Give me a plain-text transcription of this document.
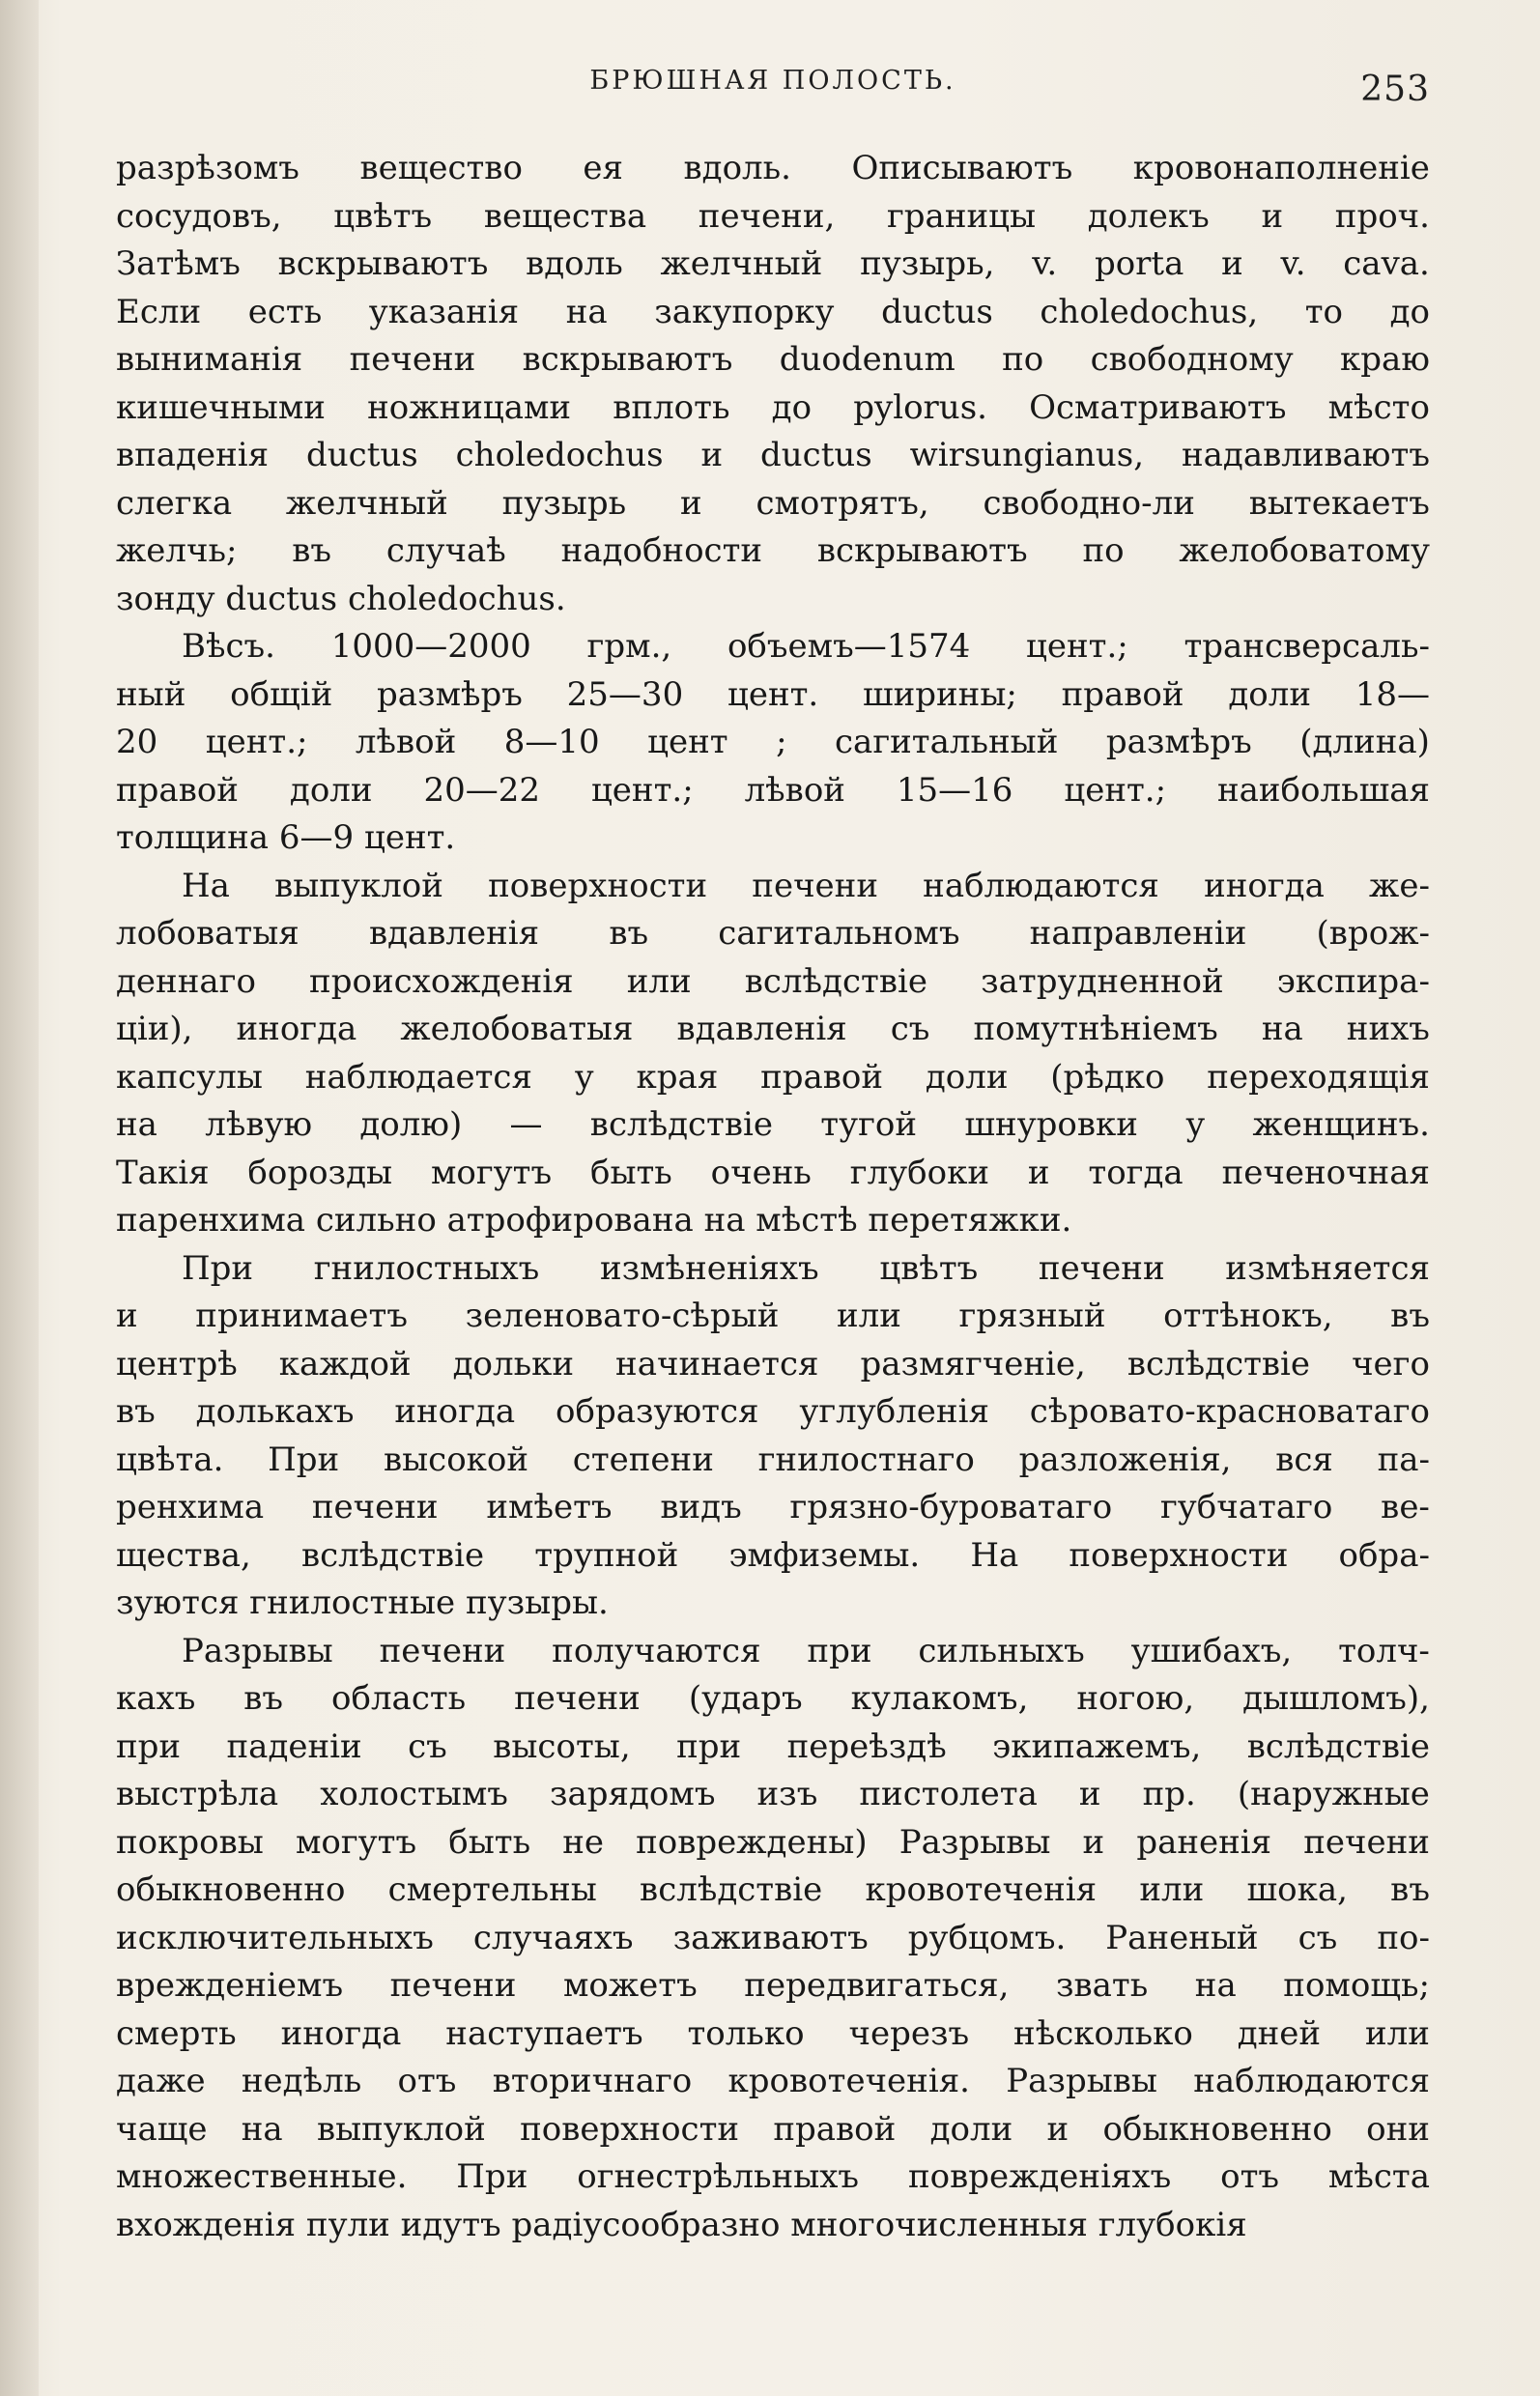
БРЮШНАЯ ПОЛОСТЬ.	253
разрѣзомъ вещество ея вдоль. Описываютъ кровонаполненіе
сосудовъ, цвѣтъ вещества печени, границы долекъ и проч.
Затѣмъ вскрываютъ вдоль желчный пузырь, v. porta и v. cava.
Если есть указанія на закупорку ductus choledochus, то до
выниманія печени вскрываютъ duodenum по свободному краю
кишечными ножницами вплоть до pylorus. Осматриваютъ мѣсто
впаденія ductus choledochus и ductus wirsungianus, надавливаютъ
слегка желчный пузырь и смотрятъ, свободно-ли вытекаетъ
желчь; въ случаѣ надобности вскрываютъ по желобоватому
зонду ductus choledochus.
Вѣсъ. 1000—2000 грм., объемъ—1574 цент.; трансверсаль-
ный общій размѣръ 25—30 цент. ширины; правой доли 18—
20 цент.; лѣвой 8—10 цент ; сагитальный размѣръ (длина)
правой доли 20—22 цент.; лѣвой 15—16 цент.; наибольшая
толщина 6—9 цент.
На выпуклой поверхности печени наблюдаются иногда же-
лобоватыя вдавленія въ сагитальномъ направленіи (врож-
деннаго происхожденія или вслѣдствіе затрудненной экспира-
ціи), иногда желобоватыя вдавленія съ помутнѣніемъ на нихъ
капсулы наблюдается у края правой доли (рѣдко переходящія
на лѣвую долю) — вслѣдствіе тугой шнуровки у женщинъ.
Такія борозды могутъ быть очень глубоки и тогда печеночная
паренхима сильно атрофирована на мѣстѣ перетяжки.
При гнилостныхъ измѣненіяхъ цвѣтъ печени измѣняется
и принимаетъ зеленовато-сѣрый или грязный оттѣнокъ, въ
центрѣ каждой дольки начинается размягченіе, вслѣдствіе чего
въ долькахъ иногда образуются углубленія сѣровато-красноватаго
цвѣта. При высокой степени гнилостнаго разложенія, вся па-
ренхима печени имѣетъ видъ грязно-буроватаго губчатаго ве-
щества, вслѣдствіе трупной эмфиземы. На поверхности обра-
зуются гнилостные пузыры.
Разрывы печени получаются при сильныхъ ушибахъ, толч-
кахъ въ область печени (ударъ кулакомъ, ногою, дышломъ),
при паденіи съ высоты, при переѣздѣ экипажемъ, вслѣдствіе
выстрѣла холостымъ зарядомъ изъ пистолета и пр. (наружные
покровы могутъ быть не повреждены) Разрывы и раненія печени
обыкновенно смертельны вслѣдствіе кровотеченія или шока, въ
исключительныхъ случаяхъ заживаютъ рубцомъ. Раненый съ по-
врежденіемъ печени можетъ передвигаться, звать на помощь;
смерть иногда наступаетъ только черезъ нѣсколько дней или
даже недѣль отъ вторичнаго кровотеченія. Разрывы наблюдаются
чаще на выпуклой поверхности правой доли и обыкновенно они
множественные. При огнестрѣльныхъ поврежденіяхъ отъ мѣста
вхожденія пули идутъ радіусообразно многочисленныя глубокія
